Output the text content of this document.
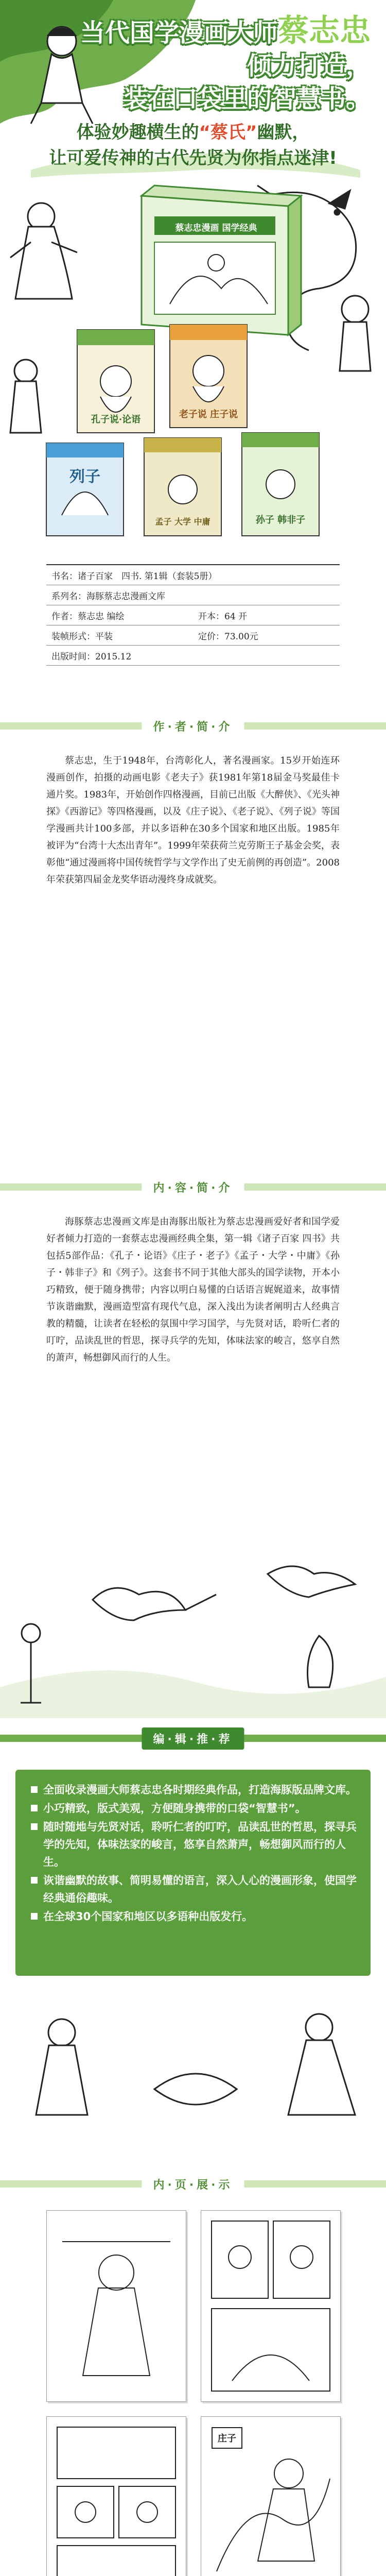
当代国学漫画大师蔡志忠
倾力打造，
装在口袋里的智慧书。
体验妙趣横生的“蔡氏”幽默，
让可爱传神的古代先贤为你指点迷津!
蔡志忠漫画 国学经典
孔子说·论语	老子说 庄子说
列子
孟子 大学 中庸	孙子 韩非子
书名：诸子百家　四书. 第1辑（套装5册）
系列名：海豚蔡志忠漫画文库
作者：蔡志忠 编绘	开本：64 开
装帧形式：平装	定价：73.00元
出版时间：2015.12
作·者·简·介

蔡志忠，生于1948年，台湾彰化人，著名漫画家。15岁开始连环漫画创作，拍摄的动画电影《老夫子》获1981年第18届金马奖最佳卡通片奖。1983年，开始创作四格漫画，目前已出版《大醉侠》、《光头神探》《西游记》等四格漫画，以及《庄子说》、《老子说》、《列子说》等国学漫画共计100多部，并以多语种在30多个国家和地区出版。1985年被评为“台湾十大杰出青年”。1999年荣获荷兰克劳斯王子基金会奖，表彰他“通过漫画将中国传统哲学与文学作出了史无前例的再创造”。2008年荣获第四届金龙奖华语动漫终身成就奖。

内·容·简·介

海豚蔡志忠漫画文库是由海豚出版社为蔡志忠漫画爱好者和国学爱好者倾力打造的一套蔡志忠漫画经典全集，第一辑《诸子百家 四书》共包括5部作品：《孔子・论语》《庄子・老子》《孟子・大学・中庸》《孙子・韩非子》和《列子》。这套书不同于其他大部头的国学读物，开本小巧精致，便于随身携带；内容以明白易懂的白话语言娓娓道来，故事情节诙谐幽默，漫画造型富有现代气息，深入浅出为读者阐明古人经典言教的精髓，让读者在轻松的氛围中学习国学，与先贤对话，聆听仁者的叮咛，品读乱世的哲思，探寻兵学的先知，体味法家的峻言，悠享自然的萧声，畅想御风而行的人生。

编·辑·推·荐
全面收录漫画大师蔡志忠各时期经典作品，打造海豚版品牌文库。
小巧精致，版式美观，方便随身携带的口袋“智慧书”。
随时随地与先贤对话，聆听仁者的叮咛，品读乱世的哲思，探寻兵学的先知，体味法家的峻言，悠享自然萧声，畅想御风而行的人生。
诙谐幽默的故事、简明易懂的语言，深入人心的漫画形象，使国学经典通俗趣味。
在全球30个国家和地区以多语种出版发行。
内·页·展·示
庄子
